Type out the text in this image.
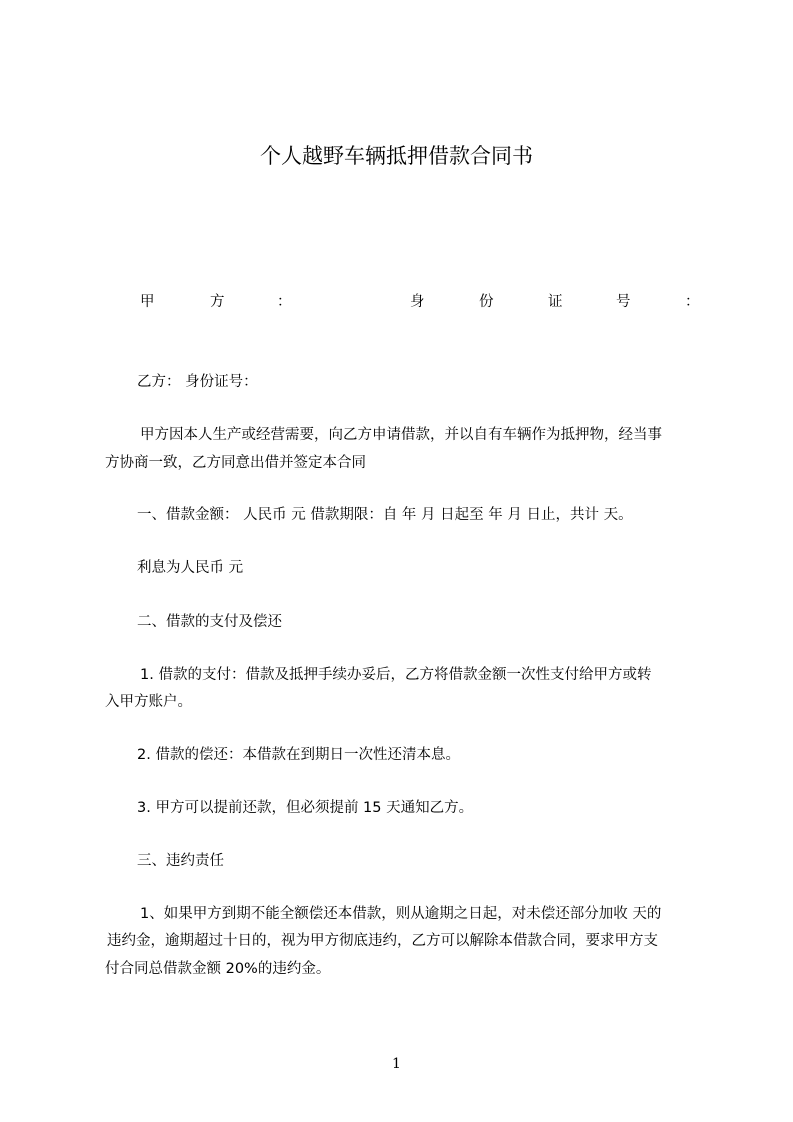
个人越野车辆抵押借款合同书
甲	方	：	身	份	证	号	：
乙方： 身份证号：
甲方因本人生产或经营需要，向乙方申请借款，并以自有车辆作为抵押物，经当事
方协商一致，乙方同意出借并签定本合同
一、借款金额： 人民币 元 借款期限：自 年 月 日起至 年 月 日止，共计 天。
利息为人民币 元
二、借款的支付及偿还
1. 借款的支付：借款及抵押手续办妥后，乙方将借款金额一次性支付给甲方或转
入甲方账户。
2. 借款的偿还：本借款在到期日一次性还清本息。
3. 甲方可以提前还款，但必须提前 15 天通知乙方。
三、违约责任
1、如果甲方到期不能全额偿还本借款，则从逾期之日起，对未偿还部分加收 天的
违约金，逾期超过十日的，视为甲方彻底违约，乙方可以解除本借款合同，要求甲方支
付合同总借款金额 20%的违约金。
1
